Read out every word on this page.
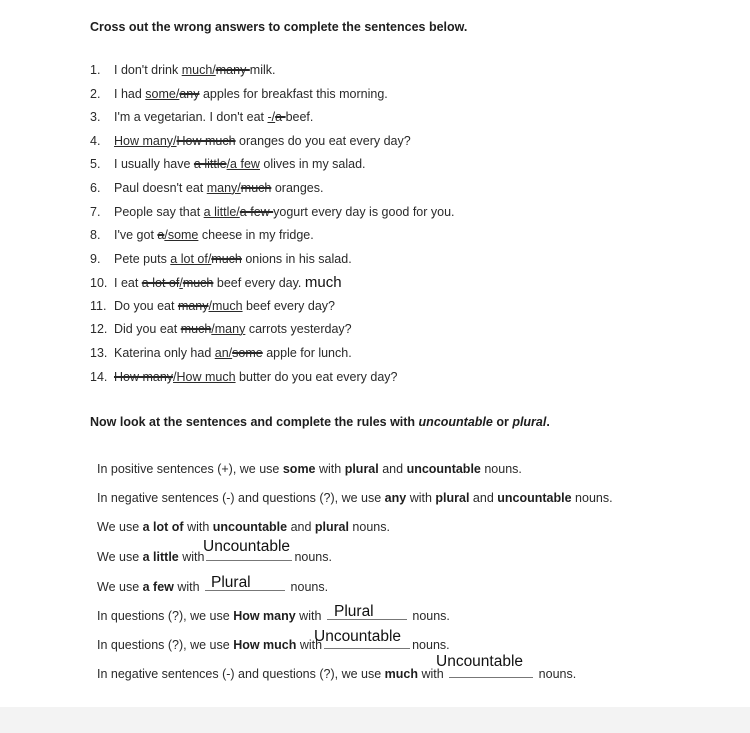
Cross out the wrong answers to complete the sentences below.
1. I don't drink much/many milk.
2. I had some/any apples for breakfast this morning.
3. I'm a vegetarian. I don't eat -/a beef.
4. How many/How much oranges do you eat every day?
5. I usually have a little/a few olives in my salad.
6. Paul doesn't eat many/much oranges.
7. People say that a little/a few yogurt every day is good for you.
8. I've got a/some cheese in my fridge.
9. Pete puts a lot of/much onions in his salad.
10. I eat a lot of/much beef every day. much
11. Do you eat many/much beef every day?
12. Did you eat much/many carrots yesterday?
13. Katerina only had an/some apple for lunch.
14. How many/How much butter do you eat every day?
Now look at the sentences and complete the rules with uncountable or plural.
In positive sentences (+), we use some with plural and uncountable nouns.
In negative sentences (-) and questions (?), we use any with plural and uncountable nouns.
We use a lot of with uncountable and plural nouns.
We use a little with	nouns.
We use a few with	nouns.
In questions (?), we use How many with	nouns.
In questions (?), we use How much with	nouns.
In negative sentences (-) and questions (?), we use much with	nouns.
Uncountable
Plural
Plural
Uncountable
Uncountable
